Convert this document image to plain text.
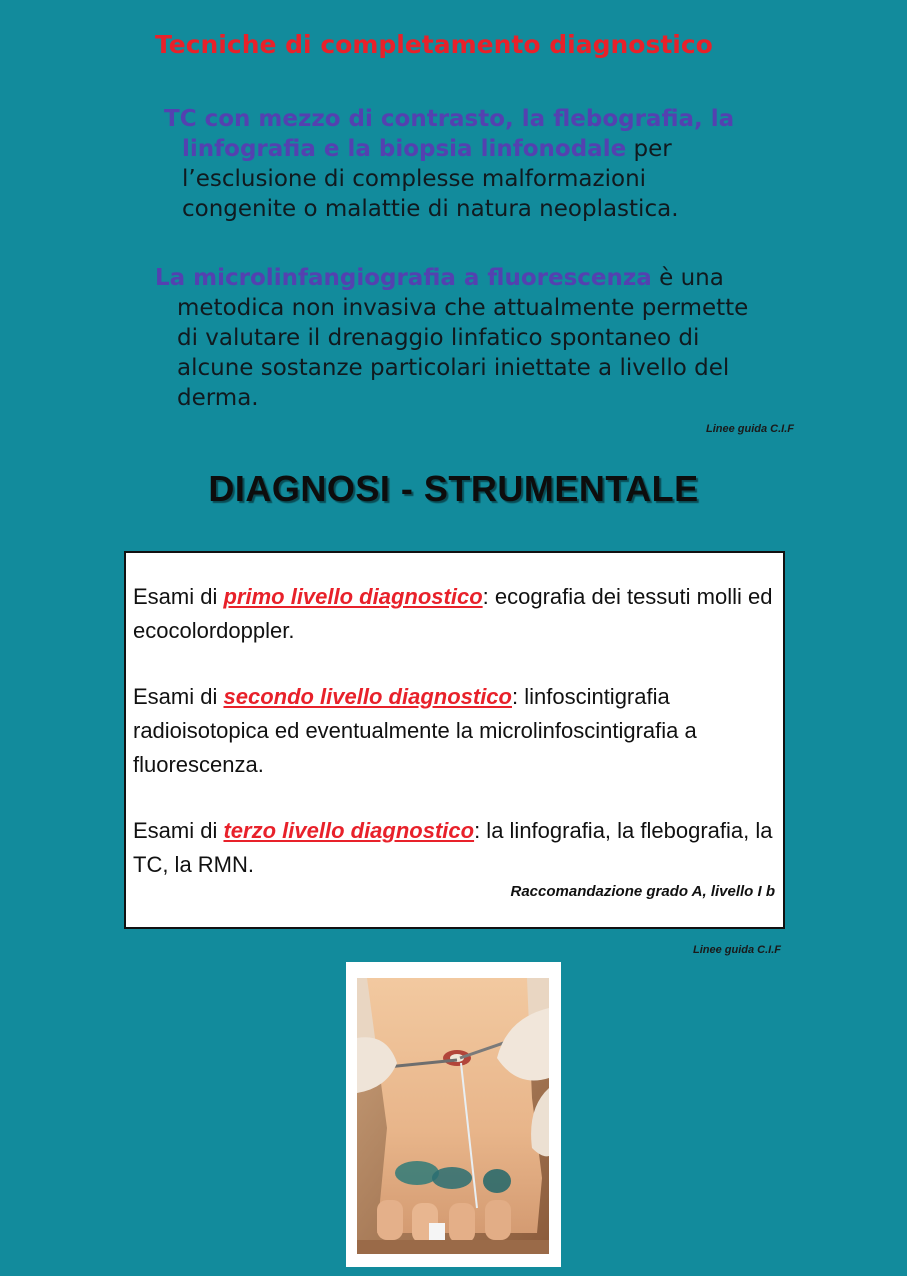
Tecniche di completamento diagnostico

TC con mezzo di contrasto, la flebografia, la
linfografia e la biopsia linfonodale per
l’esclusione di complesse malformazioni
congenite o malattie di natura neoplastica.

La microlinfangiografia a fluorescenza è una
metodica non invasiva che attualmente permette
di valutare il drenaggio linfatico spontaneo di
alcune sostanze particolari iniettate a livello del
derma.

Linee guida C.I.F
DIAGNOSI - STRUMENTALE

Esami di primo livello diagnostico: ecografia dei tessuti molli ed ecocolordoppler.

Esami di secondo livello diagnostico: linfoscintigrafia radioisotopica ed eventualmente la microlinfoscintigrafia a fluorescenza.

Esami di terzo livello diagnostico: la linfografia, la flebografia, la TC, la RMN.

Raccomandazione grado A, livello I b

Linee guida C.I.F
